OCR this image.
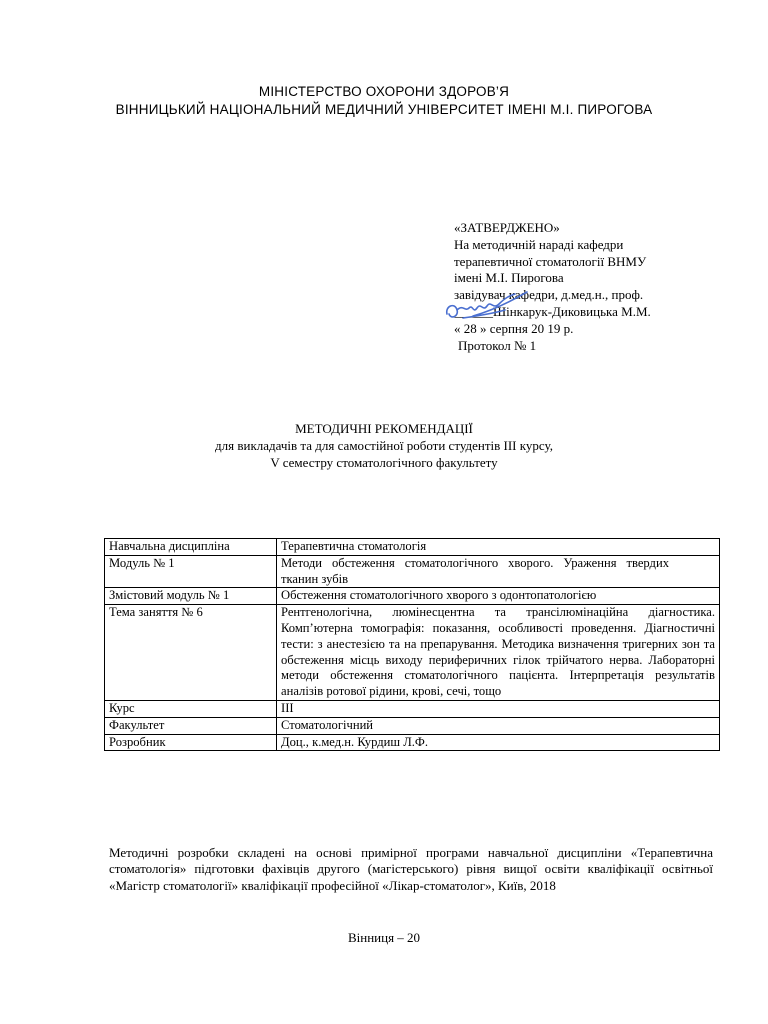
МІНІСТЕРСТВО ОХОРОНИ ЗДОРОВ’Я
ВІННИЦЬКИЙ НАЦІОНАЛЬНИЙ МЕДИЧНИЙ УНІВЕРСИТЕТ ІМЕНІ М.І. ПИРОГОВА
«ЗАТВЕРДЖЕНО»
На методичній нараді кафедри
терапевтичної стоматології ВНМУ
імені М.І. Пирогова
завідувач кафедри, д.мед.н., проф.
______Шінкарук-Диковицька М.М.
« 28 » серпня 20 19 р.
Протокол № 1
МЕТОДИЧНІ РЕКОМЕНДАЦІЇ
для викладачів та для самостійної роботи студентів ІІІ курсу,
V семестру стоматологічного факультету
Навчальна дисципліна	Терапевтична стоматологія
Модуль № 1	Методи обстеження стоматологічного хворого. Ураження твердих тканин зубів
Змістовий модуль № 1	Обстеження стоматологічного хворого з одонтопатологією
Тема заняття № 6	Рентгенологічна, люмінесцентна та трансілюмінаційна діагностика. Комп’ютерна томографія: показання, особливості проведення. Діагностичні тести: з анестезією та на препарування. Методика визначення тригерних зон та обстеження місць виходу периферичних гілок трійчатого нерва. Лабораторні методи обстеження стоматологічного пацієнта. Інтерпретація результатів аналізів ротової рідини, крові, сечі, тощо
Курс	ІІІ
Факультет	Стоматологічний
Розробник	Доц., к.мед.н. Курдиш Л.Ф.
Методичні розробки складені на основі примірної програми навчальної дисципліни «Терапевтична стоматологія» підготовки фахівців другого (магістерського) рівня вищої освіти кваліфікації освітньої «Магістр стоматології» кваліфікації професійної «Лікар-стоматолог», Київ, 2018
Вінниця – 20
